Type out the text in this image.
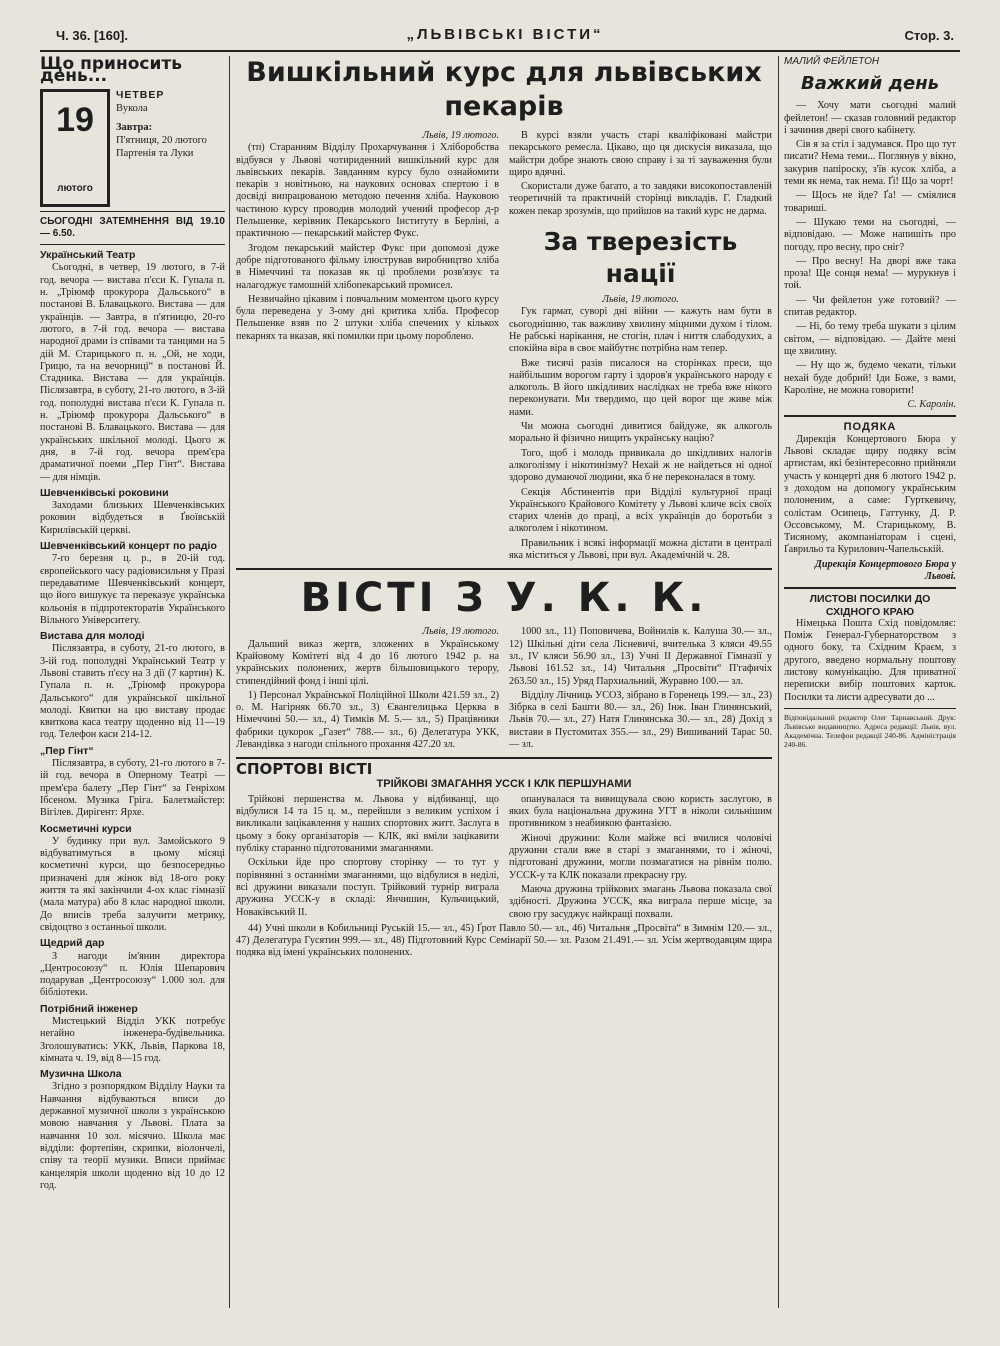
Ч. 36. [160].	„ЛЬВІВСЬКІ ВІСТИ“	Стор. 3.
Що приносить день...
19
лютого
ЧЕТВЕР
Вукола
Завтра:
П'ятниця, 20 лютого Партенія та Луки
СЬОГОДНІ ЗАТЕМНЕННЯ ВІД 19.10 — 6.50.
Український Театр

Сьогодні, в четвер, 19 лютого, в 7-й год. вечора — вистава п'єси К. Гупала п. н. „Тріюмф прокурора Дальського“ в постанові В. Блавацького. Вистава — для українців. — Завтра, в п'ятницю, 20-го лютого, в 7-й год. вечора — вистава народної драми із співами та танцями на 5 дій М. Старицького п. н. „Ой, не ходи, Грицю, та на вечорниці“ в постанові Й. Стадника. Вистава — для українців. Післязавтра, в суботу, 21-го лютого, в 3-ій год. пополудні вистава п'єси К. Гупала п. н. „Тріюмф прокурора Дальського“ в постанові В. Блавацького. Вистава — для українських шкільної молоді. Цього ж дня, в 7-й год. вечора прем'єра драматичної поеми „Пер Гінт“. Вистава — для німців.

Шевченківські роковини

Заходами близьких Шевченківських роковин відбудеться в Ґвоївській Кирилівській церкві.

Шевченківський концерт по радіо

7-го березня ц. р., в 20-ій год. європейського часу радіовисильня у Празі передаватиме Шевченківський концерт, що його вишукує та переказує українська кольонія в підпротекторатів Українського Вільного Університету.

Вистава для молоді

Післязавтра, в суботу, 21-го лютого, в 3-ій год. пополудні Український Театр у Львові ставить п'єсу на 3 дії (7 картин) К. Гупала п. н. „Тріюмф прокурора Дальського“ для української шкільної молоді. Квитки на цю виставу продає квиткова каса театру щоденно від 11—19 год. Телефон каси 214-12.

„Пер Гінт“

Післязавтра, в суботу, 21-го лютого в 7-ій год. вечора в Оперному Театрі — прем'єра балету „Пер Гінт“ за Генріхом Ібсеном. Музика Гріга. Балетмайстер: Вігілев. Дирігент: Ярхе.

Косметичні курси

У будинку при вул. Замойського 9 відбуватимуться в цьому місяці косметичні курси, що безпосередньо призначені для жінок від 18-ого року життя та які закінчили 4-ох клас гімназії (мала матура) або 8 клас народної школи. До вписів треба залучити метрику, свідоцтво з останньої школи.

Щедрий дар

З нагоди ім'янин директора „Центросоюзу“ п. Юлія Шепарович подарував „Центросоюзу“ 1.000 зол. для бібліотеки.

Потрібний інженер

Мистецький Відділ УКК потребує негайно інженера-будівельника. Зголошуватись: УКК, Львів, Паркова 18, кімната ч. 19, від 8—15 год.

Музична Школа

Згідно з розпорядком Відділу Науки та Навчання відбуваються вписи до державної музичної школи з українською мовою навчання у Львові. Плата за навчання 10 зол. місячно. Школа має відділи: фортепіян, скрипки, віолончелі, співу та теорії музики. Вписи приймає канцелярія школи щоденно від 10 до 12 год.

Вишкільний курс для львівських пекарів
Львів, 19 лютого.

(тп) Старанням Відділу Прохарчування і Хліборобства відбувся у Львові чотириденний вишкільний курс для львівських пекарів. Завданням курсу було ознайомити пекарів з новітньою, на наукових основах спертою і в досвіді випрацюваною методою печення хліба. Науковою частиною курсу проводив молодий учений професор д-р Пельшенке, керівник Пекарського Інституту в Берліні, а практичною — пекарський майстер Фукс.

Згодом пекарський майстер Фукс при допомозі дуже добре підготованого фільму ілюстрував виробництво хліба в Німеччині та показав як ці проблеми розв'язує та налагоджує тамошній хлібопекарський промисел.

Незвичайно цікавим і повчальним моментом цього курсу була переведена у 3-ому дні критика хліба. Професор Пельшенке взяв по 2 штуки хліба спечених у кількох пекарнях та вказав, які помилки при цьому пороблено.

В курсі взяли участь старі кваліфіковані майстри пекарського ремесла. Цікаво, що ця дискусія виказала, що майстри добре знають свою справу і за ті зауваження були щиро вдячні.

Скористали дуже багато, а то завдяки високопоставленій теоретичній та практичній сторінці викладів. Г. Гладкий кожен пекар зрозумів, що прийшов на такий курс не дарма.

За тверезість нації
Львів, 19 лютого.

Гук гармат, суворі дні війни — кажуть нам бути в сьогоднішню, так важливу хвилину міцними духом і тілом. Не рабські нарікання, не стогін, плач і ниття слабодухих, а спокійна віра в своє майбутнє потрібна нам тепер.

Вже тисячі разів писалося на сторінках преси, що найбільшим ворогом гарту і здоров'я українського народу є алкоголь. В його шкідливих наслідках не треба вже нікого переконувати. Ми твердимо, що цей ворог ще живе між нами.

Чи можна сьогодні дивитися байдуже, як алкоголь морально й фізично нищить українську націю?

Того, щоб і молодь привикала до шкідливих налогів алкоголізму і нікотинізму? Нехай ж не найдеться ні одної здорово думаючої людини, яка б не переконалася в тому.

Секція Абстинентів при Відділі культурної праці Українського Крайового Комітету у Львові кличе всіх своїх старих членів до праці, а всіх українців до боротьби з алкоголем і нікотином.

Правильник і всякі інформації можна дістати в централі яка міститься у Львові, при вул. Академічній ч. 28.

ВІСТІ З У. К. К.
Львів, 19 лютого.

Дальший виказ жертв, зложених в Українському Крайовому Комітеті від 4 до 16 лютого 1942 р. на українських полонених, жертв більшовицького терору, стипендійний фонд і інші цілі.

1) Персонал Української Поліційної Школи 421.59 зл., 2) о. М. Нагірняк 66.70 зл., 3) Євангелицька Церква в Німеччині 50.— зл., 4) Тимків М. 5.— зл., 5) Працівники фабрики цукорок „Газет“ 788.— зл., 6) Делегатура УКК, Левандівка з нагоди спільного прохання 427.20 зл.

1000 зл., 11) Поповичева, Войнилів к. Калуша 30.— зл., 12) Шкільні діти села Лісневичі, вчителька 3 кляси 49.55 зл., IV кляси 56.90 зл., 13) Учні II Державної Гімназії у Львові 161.52 зл., 14) Читальня „Просвіти“ П'гафичіх 263.50 зл., 15) Уряд Пархиальний, Журавно 100.— зл.

Відділу Лічниць УСОЗ, зібрано в Горенець 199.— зл., 23) Зібрка в селі Башти 80.— зл., 26) Інж. Іван Глинянський, Львів 70.— зл., 27) Натя Глинянська 30.— зл., 28) Дохід з вистави в Пустомитах 355.— зл., 29) Вишиваний Тарас 50.— зл.

СПОРТОВІ ВІСТІ
ТРІЙКОВІ ЗМАГАННЯ УССК І КЛК ПЕРШУНАМИ

Трійкові першенства м. Львова у відбиванці, що відбулися 14 та 15 ц. м., перейшли з великим успіхом і викликали зацікавлення у наших спортових житт. Заслуга в цьому з боку організаторів — КЛК, які вміли зацікавити публіку старанно підготованими змаганнями.

Оскільки йде про спортову сторінку — то тут у порівнянні з останніми змаганнями, що відбулися в неділі, всі дружини виказали поступ. Трійковий турнір виграла дружина УССК-у в складі: Янчишин, Кульчицький, Новаківський II.

опанувалася та вивищувала свою користь заслугою, в яких була національна дружина УГТ в ніколи сильнішим противником з неабиякою фантазією.

Жіночі дружини: Коли майже всі вчилися чоловічі дружини стали вже в старі з змаганнями, то і жіночі, підготовані дружини, могли позмагатися на рівнім полю. УССК-у та КЛК показали прекрасну гру.

Маюча дружина трійкових змагань Львова показала свої здібності. Дружина УССК, яка виграла перше місце, за свою гру засуджує найкращі похвали.

44) Учні школи в Кобильниці Руській 15.— зл., 45) Ґрот Павло 50.— зл., 46) Читальня „Просвіта“ в Зимнім 120.— зл., 47) Делегатура Гусятин 999.— зл., 48) Підготовний Курс Семінарії 50.— зл. Разом 21.491.— зл. Усім жертводавцям щира подяка від імені українських полонених.

МАЛИЙ ФЕЙЛЕТОН
Важкий день

— Хочу мати сьогодні малий фейлетон! — сказав головний редактор і зачинив двері свого кабінету.

Сів я за стіл і задумався. Про що тут писати? Нема теми... Поглянув у вікно, закурив папіроску, з'їв кусок хліба, а теми як нема, так нема. Ґі! Що за чорт!

— Щось не йде? Ґа! — сміялися товариші.

— Шукаю теми на сьогодні, — відповідаю. — Може напишіть про погоду, про весну, про сніг?

— Про весну! На дворі вже така проза! Ще сонця нема! — мурукнув і той.

— Чи фейлетон уже готовий? — спитав редактор.

— Ні, бо тему треба шукати з цілим світом, — відповідаю. — Дайте мені ще хвилину.

— Ну що ж, будемо чекати, тільки нехай буде добрий! Іди Боже, з вами, Кароліне, не можна говорити!

С. Каролін.
ПОДЯКА

Дирекція Концертового Бюра у Львові складає щиру подяку всім артистам, які безінтересовно прийняли участь у концерті дня 6 лютого 1942 р. з доходом на допомогу українським полоненим, а саме: Гурткевичу, солістам Осипець, Гаттунку, Д. Р. Оссовському, М. Старицькому, В. Тисяному, акомпаніаторам і сцені, Ґаврильо та Курилович-Чапельській.

Дирекція Концертового Бюра у Львові.
ЛИСТОВІ ПОСИЛКИ ДО СХІДНОГО КРАЮ

Німецька Пошта Схід повідомляє: Поміж Генерал-Губернаторством з одного боку, та Східним Краєм, з другого, введено нормальну поштову листову комунікацію. Для приватної переписки вибір поштових карток. Посилки та листи адресувати до ...

Відповідальний редактор Олег Тарнавський. Друк: Львівське видавництво. Адреса редакції: Львів, вул. Академічна. Телефон редакції 240-86. Адміністрація 240-86.
